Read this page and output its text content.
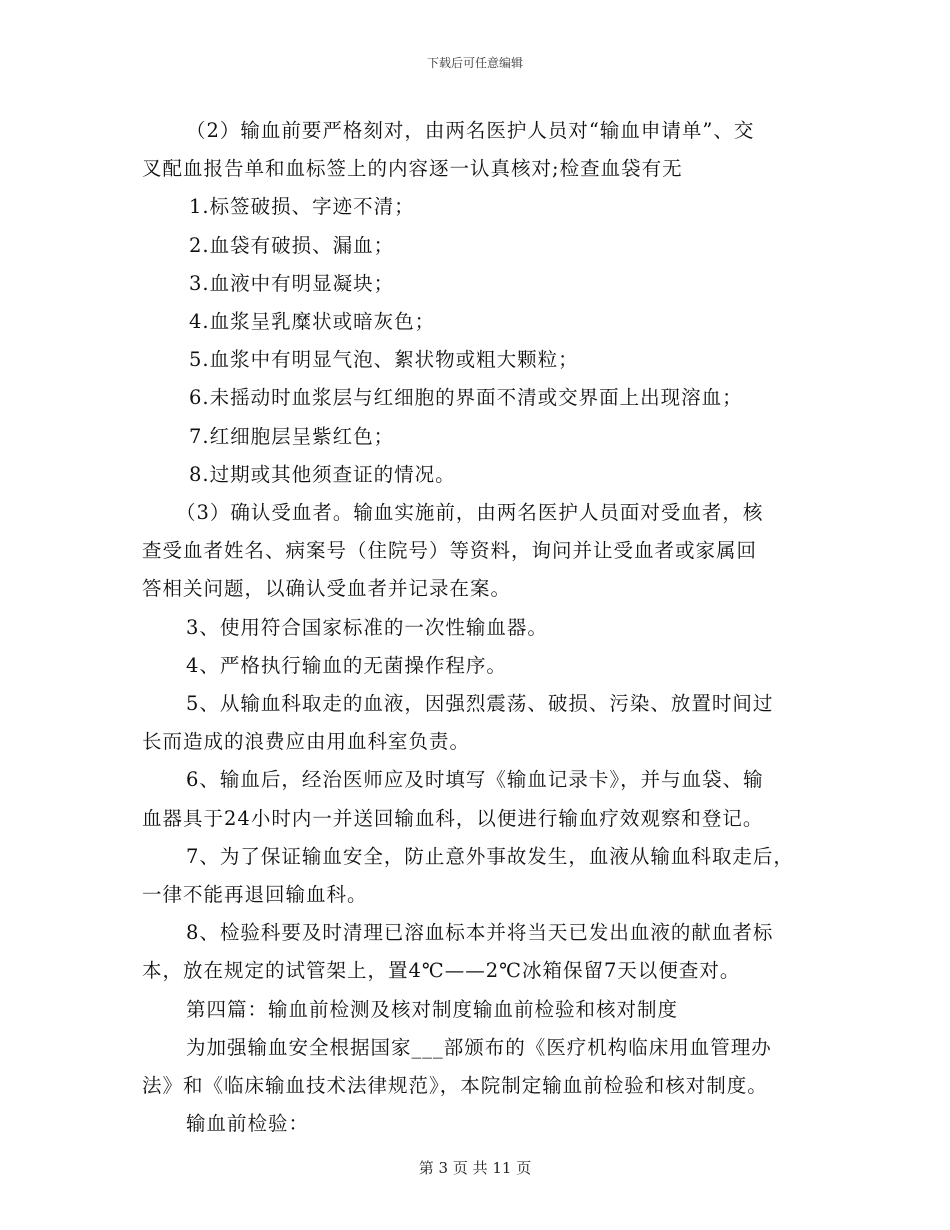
下载后可任意编辑

（2）输血前要严格刻对，由两名医护人员对“输血申请单”、交

叉配血报告单和血标签上的内容逐一认真核对;检查血袋有无

1.标签破损、字迹不清；

2.血袋有破损、漏血；

3.血液中有明显凝块；

4.血浆呈乳糜状或暗灰色；

5.血浆中有明显气泡、絮状物或粗大颗粒；

6.未摇动时血浆层与红细胞的界面不清或交界面上出现溶血；

7.红细胞层呈紫红色；

8.过期或其他须查证的情况。

（3）确认受血者。输血实施前，由两名医护人员面对受血者，核

查受血者姓名、病案号（住院号）等资料，询问并让受血者或家属回

答相关问题，以确认受血者并记录在案。

3、使用符合国家标准的一次性输血器。

4、严格执行输血的无菌操作程序。

5、从输血科取走的血液，因强烈震荡、破损、污染、放置时间过

长而造成的浪费应由用血科室负责。

6、输血后，经治医师应及时填写《输血记录卡》，并与血袋、输

血器具于24小时内一并送回输血科，以便进行输血疗效观察和登记。

7、为了保证输血安全，防止意外事故发生，血液从输血科取走后，

一律不能再退回输血科。

8、检验科要及时清理已溶血标本并将当天已发出血液的献血者标

本，放在规定的试管架上，置4℃——2℃冰箱保留7天以便查对。

第四篇：输血前检测及核对制度输血前检验和核对制度

为加强输血安全根据国家___部颁布的《医疗机构临床用血管理办

法》和《临床输血技术法律规范》，本院制定输血前检验和核对制度。

输血前检验：

第 3 页 共 11 页
